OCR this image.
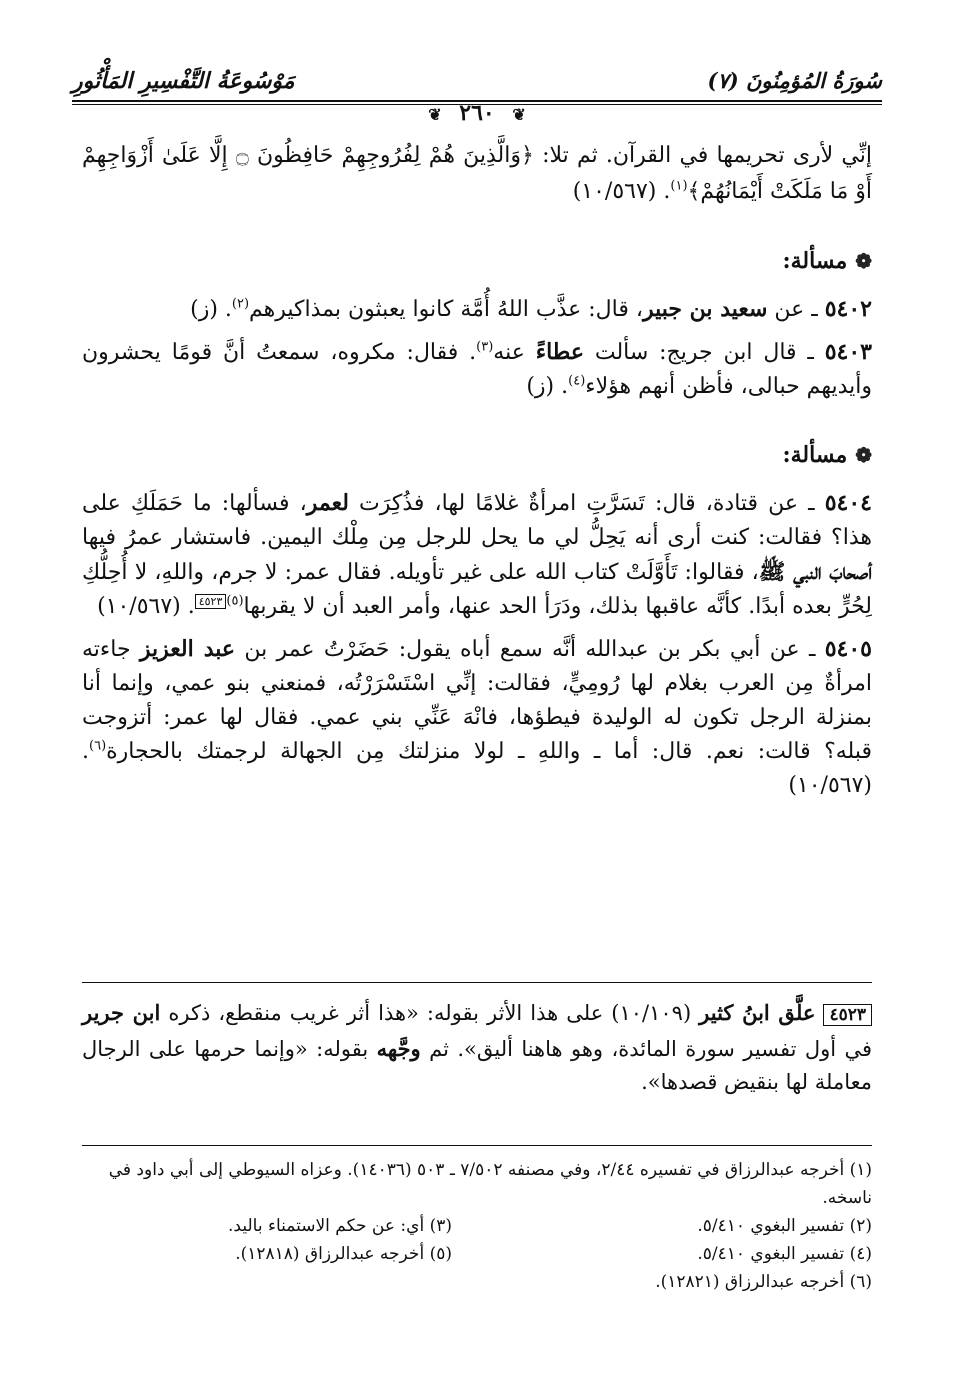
سُورَةُ المُؤمِنُونَ (٧)
مَوْسُوعَةُ التَّفْسِيرِ المَأْثُورِ
❦ ٢٦٠ ❦

إنِّي لأرى تحريمها في القرآن. ثم تلا: ﴿وَالَّذِينَ هُمْ لِفُرُوجِهِمْ حَافِظُونَ ۝ إِلَّا عَلَىٰ أَزْوَاجِهِمْ أَوْ مَا مَلَكَتْ أَيْمَانُهُمْ﴾$^{(١)}$. (١٠/٥٦٧)

❁مسألة:

٥٤٠٢ ـ عن سعيد بن جبير، قال: عذَّب اللهُ أُمَّة كانوا يعبثون بمذاكيرهم$^{(٢)}$. (ز)

٥٤٠٣ ـ قال ابن جريج: سألت عطاءً عنه$^{(٣)}$. فقال: مكروه، سمعتُ أنَّ قومًا يحشرون وأيديهم حبالى، فأظن أنهم هؤلاء$^{(٤)}$. (ز)

❁مسألة:

٥٤٠٤ ـ عن قتادة، قال: تَسَرَّتِ امرأةٌ غلامًا لها، فذُكِرَت لعمر، فسألها: ما حَمَلَكِ على هذا؟ فقالت: كنت أرى أنه يَحِلُّ لي ما يحل للرجل مِن مِلْك اليمين. فاستشار عمرُ فيها أصحابَ النبي ﷺ، فقالوا: تَأَوَّلَتْ كتاب الله على غير تأويله. فقال عمر: لا جرم، واللهِ، لا أُحِلُّكِ لِحُرٍّ بعده أبدًا. كأنَّه عاقبها بذلك، ودَرَأ الحد عنها، وأمر العبد أن لا يقربها$^{(٥)٤٥٢٣}$. (١٠/٥٦٧)

٥٤٠٥ ـ عن أبي بكر بن عبدالله أنَّه سمع أباه يقول: حَضَرْتُ عمر بن عبد العزيز جاءته امرأةٌ مِن العرب بغلام لها رُومِيٍّ، فقالت: إنِّي اسْتَسْرَرْتُه، فمنعني بنو عمي، وإنما أنا بمنزلة الرجل تكون له الوليدة فيطؤها، فانْهَ عَنِّي بني عمي. فقال لها عمر: أتزوجت قبله؟ قالت: نعم. قال: أما ـ واللهِ ـ لولا منزلتك مِن الجهالة لرجمتك بالحجارة$^{(٦)}$. (١٠/٥٦٧)

٤٥٢٣ علَّق ابنُ كثير (١٠/١٠٩) على هذا الأثر بقوله: «هذا أثر غريب منقطع، ذكره ابن جرير في أول تفسير سورة المائدة، وهو هاهنا أليق». ثم وجَّهه بقوله: «وإنما حرمها على الرجال معاملة لها بنقيض قصدها».
(١) أخرجه عبدالرزاق في تفسيره ٢/٤٤، وفي مصنفه ٧/٥٠٢ ـ ٥٠٣ (١٤٠٣٦). وعزاه السيوطي إلى أبي داود في ناسخه.
(٢) تفسير البغوي ٥/٤١٠.
(٣) أي: عن حكم الاستمناء باليد.
(٤) تفسير البغوي ٥/٤١٠.
(٥) أخرجه عبدالرزاق (١٢٨١٨).
(٦) أخرجه عبدالرزاق (١٢٨٢١).
